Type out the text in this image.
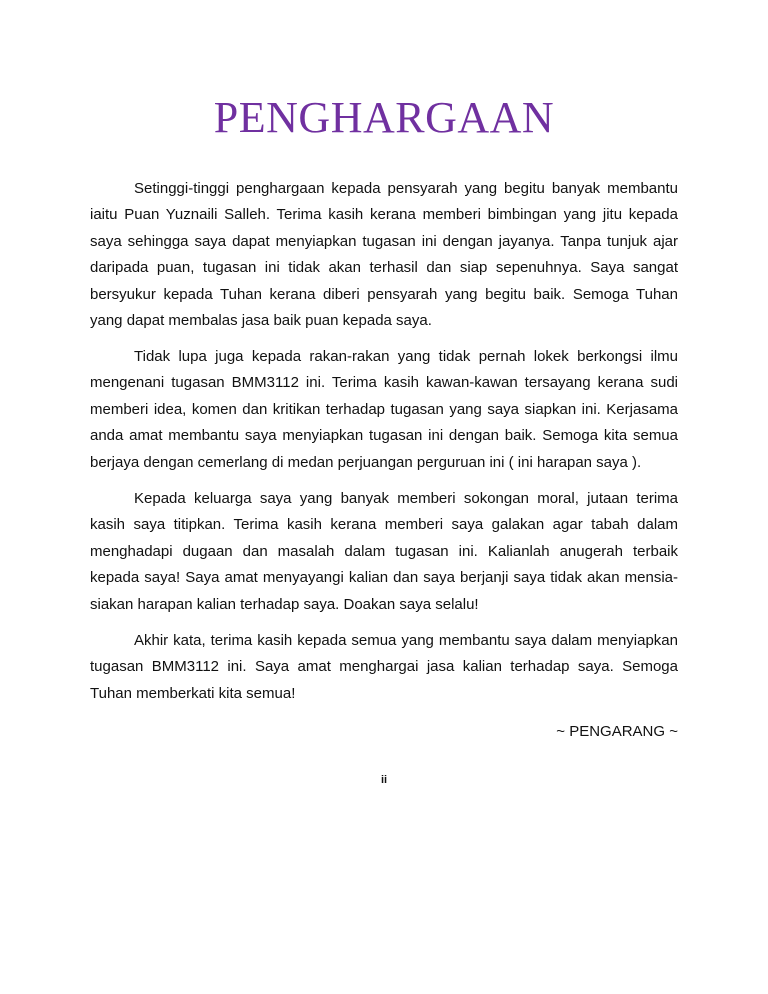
PENGHARGAAN

Setinggi-tinggi penghargaan kepada pensyarah yang begitu banyak membantu iaitu Puan Yuznaili Salleh. Terima kasih kerana memberi bimbingan yang jitu kepada saya sehingga saya dapat menyiapkan tugasan ini dengan jayanya. Tanpa tunjuk ajar daripada puan, tugasan ini tidak akan terhasil dan siap sepenuhnya. Saya sangat bersyukur kepada Tuhan kerana diberi pensyarah yang begitu baik. Semoga Tuhan yang dapat membalas jasa baik puan kepada saya.

Tidak lupa juga kepada rakan-rakan yang tidak pernah lokek berkongsi ilmu mengenani tugasan BMM3112 ini. Terima kasih kawan-kawan tersayang kerana sudi memberi idea, komen dan kritikan terhadap tugasan yang saya siapkan ini. Kerjasama anda amat membantu saya menyiapkan tugasan ini dengan baik. Semoga kita semua berjaya dengan cemerlang di medan perjuangan perguruan ini ( ini harapan saya ).

Kepada keluarga saya yang banyak memberi sokongan moral, jutaan terima kasih saya titipkan. Terima kasih kerana memberi saya galakan agar tabah dalam menghadapi dugaan dan masalah dalam tugasan ini. Kalianlah anugerah terbaik kepada saya! Saya amat menyayangi kalian dan saya berjanji saya tidak akan mensia-siakan harapan kalian terhadap saya. Doakan saya selalu!

Akhir kata, terima kasih kepada semua yang membantu saya dalam menyiapkan tugasan BMM3112 ini. Saya amat menghargai jasa kalian terhadap saya. Semoga Tuhan memberkati kita semua!

~ PENGARANG ~

ii
